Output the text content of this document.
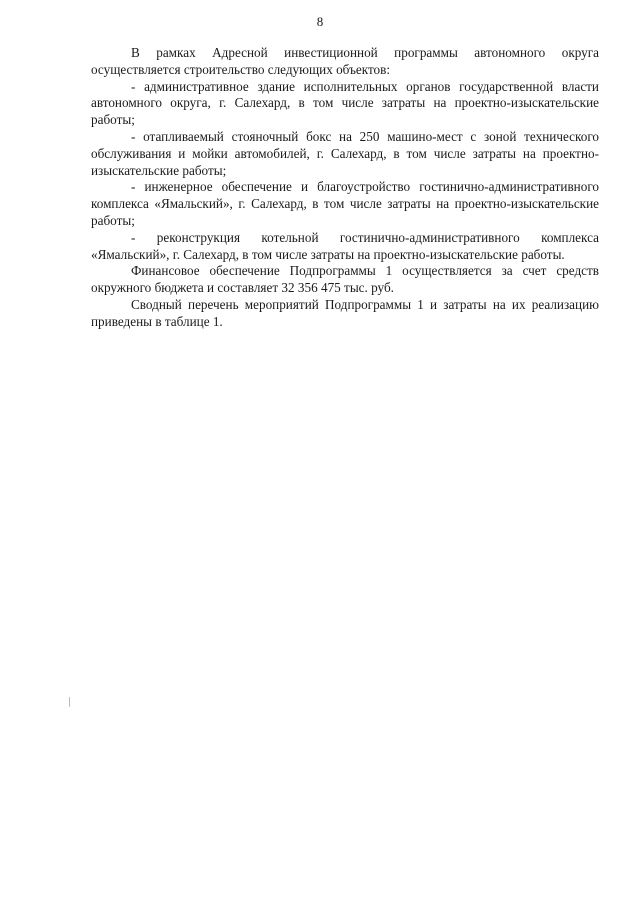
8

В рамках Адресной инвестиционной программы автономного округа осуществляется строительство следующих объектов:

- административное здание исполнительных органов государственной власти автономного округа, г. Салехард, в том числе затраты на проектно-изыскательские работы;

- отапливаемый стояночный бокс на 250 машино-мест с зоной технического обслуживания и мойки автомобилей, г. Салехард, в том числе затраты на проектно-изыскательские работы;

- инженерное обеспечение и благоустройство гостинично-административного комплекса «Ямальский», г. Салехард, в том числе затраты на проектно-изыскательские работы;

- реконструкция котельной гостинично-административного комплекса «Ямальский», г. Салехард, в том числе затраты на проектно-изыскательские работы.

Финансовое обеспечение Подпрограммы 1 осуществляется за счет средств окружного бюджета и составляет 32 356 475 тыс. руб.

Сводный перечень мероприятий Подпрограммы 1 и затраты на их реализацию приведены в таблице 1.
